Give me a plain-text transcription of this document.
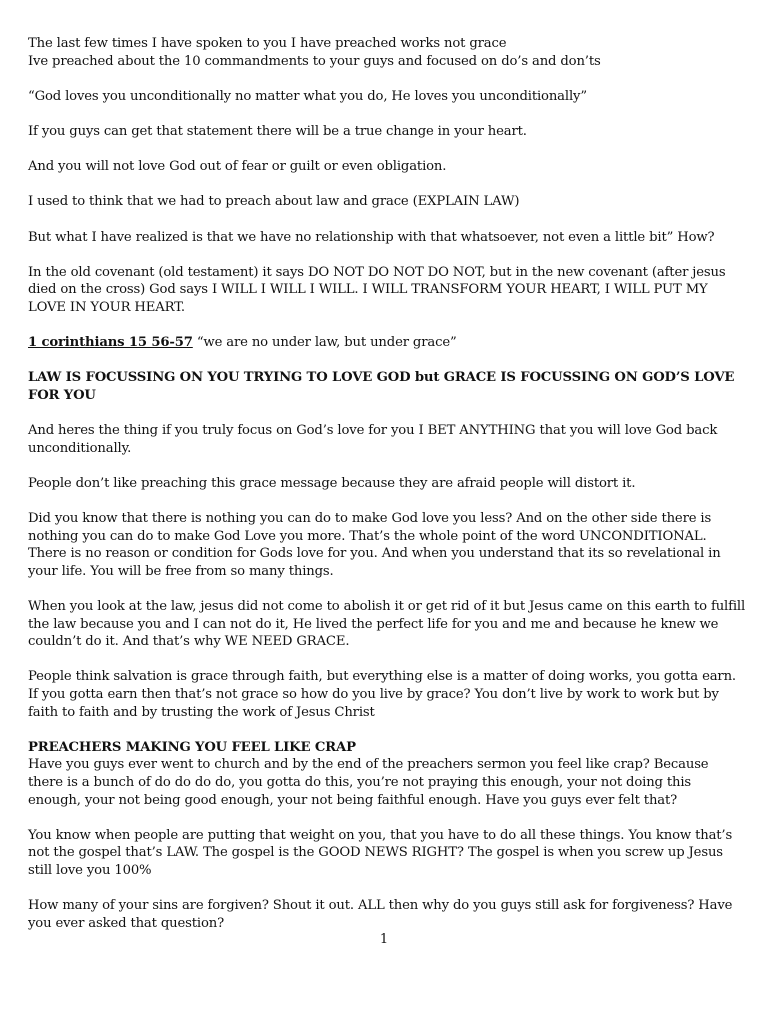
The last few times I have spoken to you I have preached works not grace
Ive preached about the 10 commandments to your guys and focused on do’s and don’ts
“God loves you unconditionally no matter what you do, He loves you unconditionally”
If you guys can get that statement there will be a true change in your heart.
And you will not love God out of fear or guilt or even obligation.
I used to think that we had to preach about law and grace (EXPLAIN LAW)
But what I have realized is that we have no relationship with that whatsoever, not even a little bit” How?
In the old covenant (old testament) it says DO NOT DO NOT DO NOT, but in the new covenant (after jesus died on the cross) God says I WILL I WILL I WILL. I WILL TRANSFORM YOUR HEART, I WILL PUT MY LOVE IN YOUR HEART.
1 corinthians 15 56-57 “we are no under law, but under grace”
LAW IS FOCUSSING ON YOU TRYING TO LOVE GOD but GRACE IS FOCUSSING ON GOD’S LOVE FOR YOU
And heres the thing if you truly focus on God’s love for you I BET ANYTHING that you will love God back unconditionally.
People don’t like preaching this grace message because they are afraid people will distort it.
Did you know that there is nothing you can do to make God love you less? And on the other side there is nothing you can do to make God Love you more. That’s the whole point of the word UNCONDITIONAL. There is no reason or condition for Gods love for you. And when you understand that its so revelational in your life. You will be free from so many things.
When you look at the law, jesus did not come to abolish it or get rid of it but Jesus came on this earth to fulfill the law because you and I can not do it, He lived the perfect life for you and me and because he knew we couldn’t do it. And that’s why WE NEED GRACE.
People think salvation is grace through faith, but everything else is a matter of doing works, you gotta earn. If you gotta earn then that’s not grace so how do you live by grace? You don’t live by work to work but by faith to faith and by trusting the work of Jesus Christ
PREACHERS MAKING YOU FEEL LIKE CRAP
Have you guys ever went to church and by the end of the preachers sermon you feel like crap? Because there is a bunch of do do do do, you gotta do this, you’re not praying this enough, your not doing this enough, your not being good enough, your not being faithful enough. Have you guys ever felt that?
You know when people are putting that weight on you, that you have to do all these things. You know that’s not the gospel that’s LAW. The gospel is the GOOD NEWS RIGHT? The gospel is when you screw up Jesus still love you 100%
How many of your sins are forgiven? Shout it out. ALL then why do you guys still ask for forgiveness? Have you ever asked that question?
1
